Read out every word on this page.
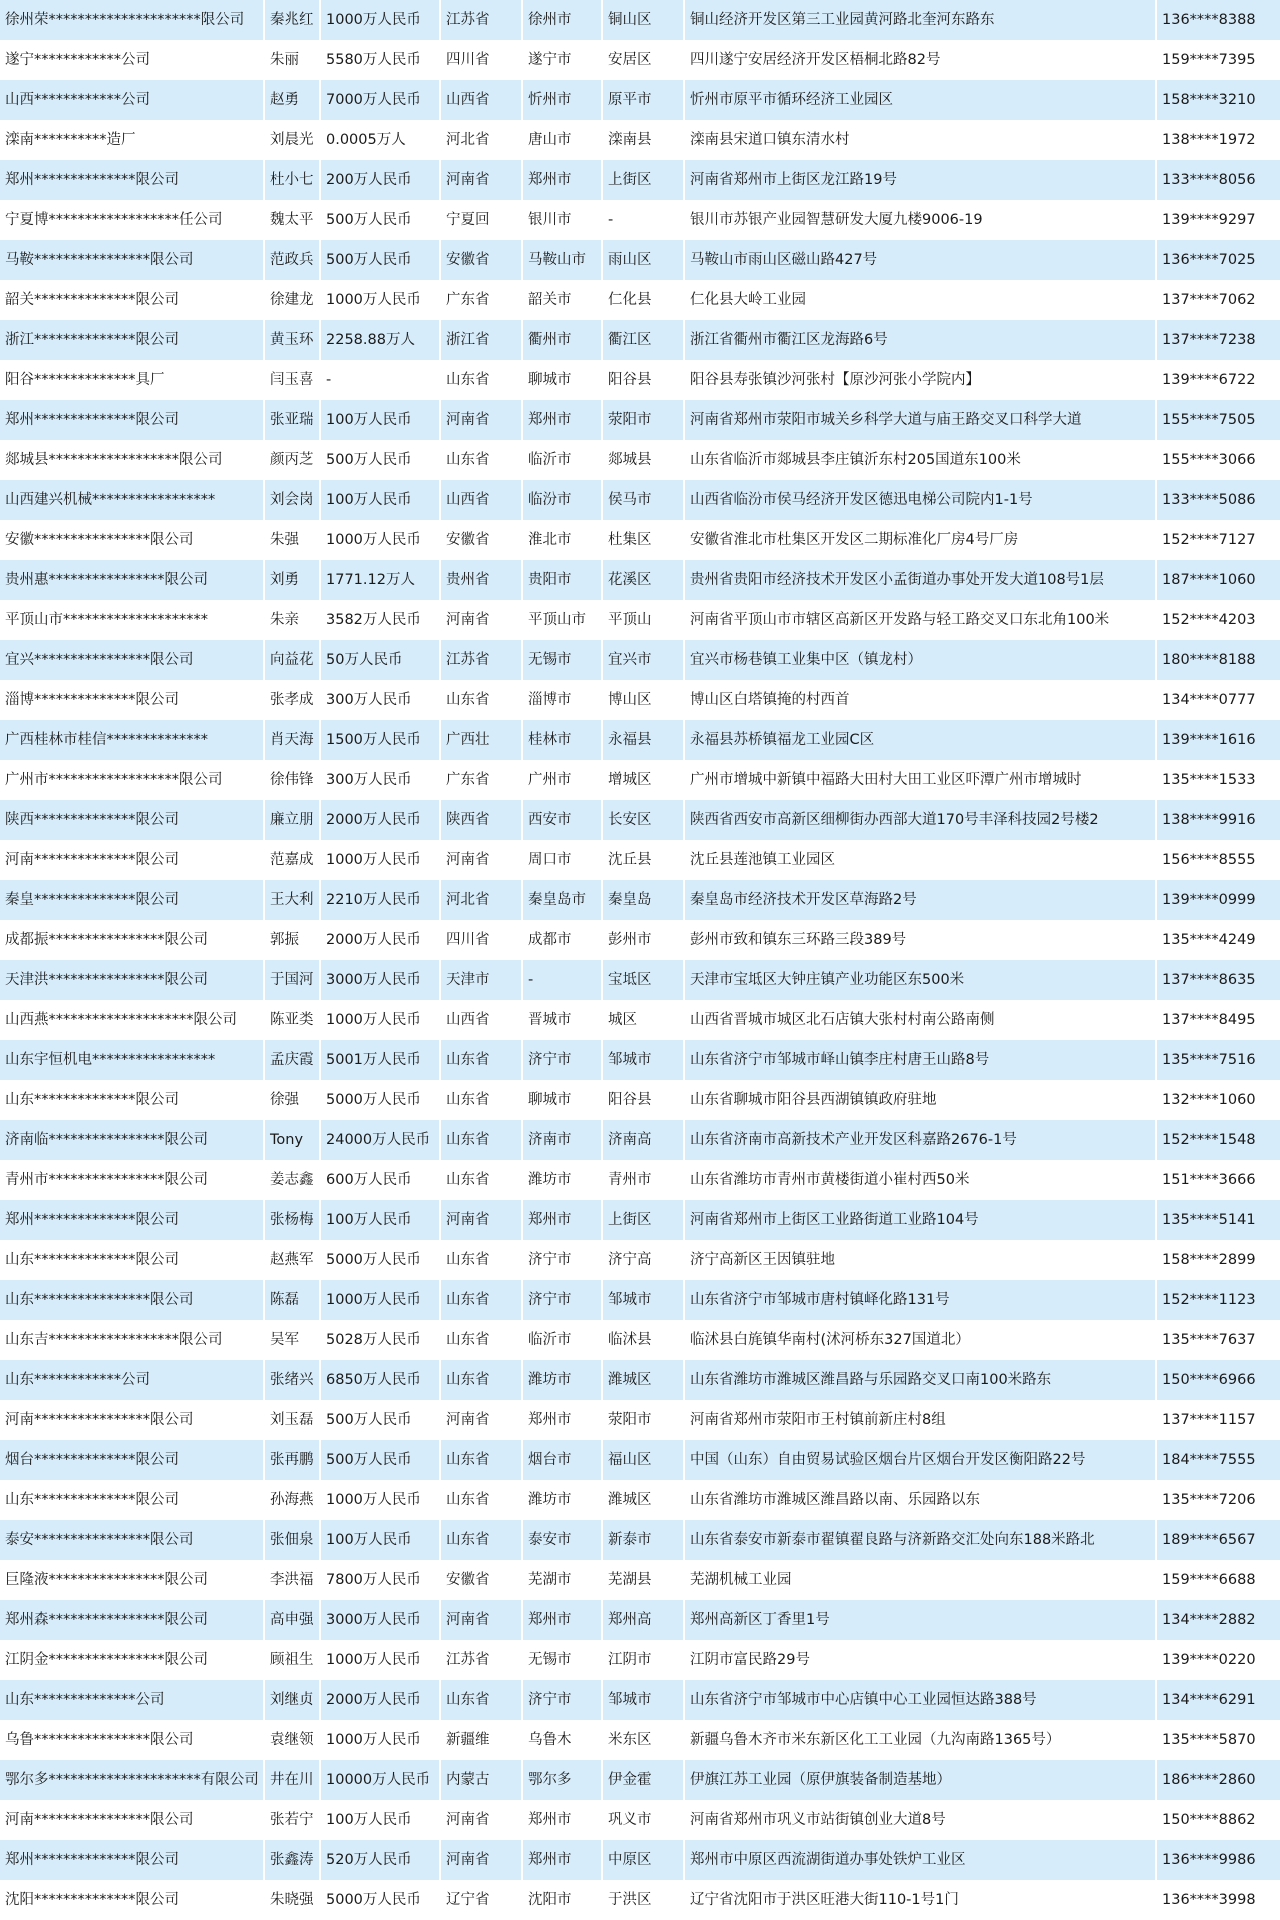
徐州荣*********************限公司	秦兆红	1000万人民币	江苏省	徐州市	铜山区	铜山经济开发区第三工业园黄河路北奎河东路东	136****8388
遂宁************公司	朱丽	5580万人民币	四川省	遂宁市	安居区	四川遂宁安居经济开发区梧桐北路82号	159****7395
山西************公司	赵勇	7000万人民币	山西省	忻州市	原平市	忻州市原平市循环经济工业园区	158****3210
滦南**********造厂	刘晨光	0.0005万人	河北省	唐山市	滦南县	滦南县宋道口镇东清水村	138****1972
郑州**************限公司	杜小七	200万人民币	河南省	郑州市	上街区	河南省郑州市上街区龙江路19号	133****8056
宁夏博******************任公司	魏太平	500万人民币	宁夏回	银川市	-	银川市苏银产业园智慧研发大厦九楼9006-19	139****9297
马鞍****************限公司	范政兵	500万人民币	安徽省	马鞍山市	雨山区	马鞍山市雨山区磁山路427号	136****7025
韶关**************限公司	徐建龙	1000万人民币	广东省	韶关市	仁化县	仁化县大岭工业园	137****7062
浙江**************限公司	黄玉环	2258.88万人	浙江省	衢州市	衢江区	浙江省衢州市衢江区龙海路6号	137****7238
阳谷**************具厂	闫玉喜	-	山东省	聊城市	阳谷县	阳谷县寿张镇沙河张村【原沙河张小学院内】	139****6722
郑州**************限公司	张亚瑞	100万人民币	河南省	郑州市	荥阳市	河南省郑州市荥阳市城关乡科学大道与庙王路交叉口科学大道	155****7505
郯城县******************限公司	颜丙芝	500万人民币	山东省	临沂市	郯城县	山东省临沂市郯城县李庄镇沂东村205国道东100米	155****3066
山西建兴机械*****************	刘会岗	100万人民币	山西省	临汾市	侯马市	山西省临汾市侯马经济开发区德迅电梯公司院内1-1号	133****5086
安徽****************限公司	朱强	1000万人民币	安徽省	淮北市	杜集区	安徽省淮北市杜集区开发区二期标准化厂房4号厂房	152****7127
贵州惠****************限公司	刘勇	1771.12万人	贵州省	贵阳市	花溪区	贵州省贵阳市经济技术开发区小孟街道办事处开发大道108号1层	187****1060
平顶山市********************	朱亲	3582万人民币	河南省	平顶山市	平顶山	河南省平顶山市市辖区高新区开发路与轻工路交叉口东北角100米	152****4203
宜兴****************限公司	向益花	50万人民币	江苏省	无锡市	宜兴市	宜兴市杨巷镇工业集中区（镇龙村）	180****8188
淄博**************限公司	张孝成	300万人民币	山东省	淄博市	博山区	博山区白塔镇掩的村西首	134****0777
广西桂林市桂信**************	肖天海	1500万人民币	广西壮	桂林市	永福县	永福县苏桥镇福龙工业园C区	139****1616
广州市******************限公司	徐伟锋	300万人民币	广东省	广州市	增城区	广州市增城中新镇中福路大田村大田工业区吓潭广州市增城时	135****1533
陕西**************限公司	廉立朋	2000万人民币	陕西省	西安市	长安区	陕西省西安市高新区细柳街办西部大道170号丰泽科技园2号楼2	138****9916
河南**************限公司	范嘉成	1000万人民币	河南省	周口市	沈丘县	沈丘县莲池镇工业园区	156****8555
秦皇**************限公司	王大利	2210万人民币	河北省	秦皇岛市	秦皇岛	秦皇岛市经济技术开发区草海路2号	139****0999
成都振****************限公司	郭振	2000万人民币	四川省	成都市	彭州市	彭州市致和镇东三环路三段389号	135****4249
天津洪****************限公司	于国河	3000万人民币	天津市	-	宝坻区	天津市宝坻区大钟庄镇产业功能区东500米	137****8635
山西燕********************限公司	陈亚类	1000万人民币	山西省	晋城市	城区	山西省晋城市城区北石店镇大张村村南公路南侧	137****8495
山东宇恒机电*****************	孟庆霞	5001万人民币	山东省	济宁市	邹城市	山东省济宁市邹城市峄山镇李庄村唐王山路8号	135****7516
山东**************限公司	徐强	5000万人民币	山东省	聊城市	阳谷县	山东省聊城市阳谷县西湖镇镇政府驻地	132****1060
济南临****************限公司	Tony	24000万人民币	山东省	济南市	济南高	山东省济南市高新技术产业开发区科嘉路2676-1号	152****1548
青州市****************限公司	姜志鑫	600万人民币	山东省	潍坊市	青州市	山东省潍坊市青州市黄楼街道小崔村西50米	151****3666
郑州**************限公司	张杨梅	100万人民币	河南省	郑州市	上街区	河南省郑州市上街区工业路街道工业路104号	135****5141
山东**************限公司	赵燕军	5000万人民币	山东省	济宁市	济宁高	济宁高新区王因镇驻地	158****2899
山东****************限公司	陈磊	1000万人民币	山东省	济宁市	邹城市	山东省济宁市邹城市唐村镇峄化路131号	152****1123
山东吉******************限公司	吴军	5028万人民币	山东省	临沂市	临沭县	临沭县白旄镇华南村(沭河桥东327国道北）	135****7637
山东************公司	张绪兴	6850万人民币	山东省	潍坊市	潍城区	山东省潍坊市潍城区潍昌路与乐园路交叉口南100米路东	150****6966
河南****************限公司	刘玉磊	500万人民币	河南省	郑州市	荥阳市	河南省郑州市荥阳市王村镇前新庄村8组	137****1157
烟台**************限公司	张再鹏	500万人民币	山东省	烟台市	福山区	中国（山东）自由贸易试验区烟台片区烟台开发区衡阳路22号	184****7555
山东**************限公司	孙海燕	1000万人民币	山东省	潍坊市	潍城区	山东省潍坊市潍城区潍昌路以南、乐园路以东	135****7206
泰安****************限公司	张佃泉	100万人民币	山东省	泰安市	新泰市	山东省泰安市新泰市翟镇翟良路与济新路交汇处向东188米路北	189****6567
巨隆液****************限公司	李洪福	7800万人民币	安徽省	芜湖市	芜湖县	芜湖机械工业园	159****6688
郑州森****************限公司	高申强	3000万人民币	河南省	郑州市	郑州高	郑州高新区丁香里1号	134****2882
江阴金****************限公司	顾祖生	1000万人民币	江苏省	无锡市	江阴市	江阴市富民路29号	139****0220
山东**************公司	刘继贞	2000万人民币	山东省	济宁市	邹城市	山东省济宁市邹城市中心店镇中心工业园恒达路388号	134****6291
乌鲁****************限公司	袁继领	1000万人民币	新疆维	乌鲁木	米东区	新疆乌鲁木齐市米东新区化工工业园（九沟南路1365号）	135****5870
鄂尔多*********************有限公司	井在川	10000万人民币	内蒙古	鄂尔多	伊金霍	伊旗江苏工业园（原伊旗装备制造基地）	186****2860
河南****************限公司	张若宁	100万人民币	河南省	郑州市	巩义市	河南省郑州市巩义市站街镇创业大道8号	150****8862
郑州**************限公司	张鑫涛	520万人民币	河南省	郑州市	中原区	郑州市中原区西流湖街道办事处铁炉工业区	136****9986
沈阳**************限公司	朱晓强	5000万人民币	辽宁省	沈阳市	于洪区	辽宁省沈阳市于洪区旺港大街110-1号1门	136****3998
